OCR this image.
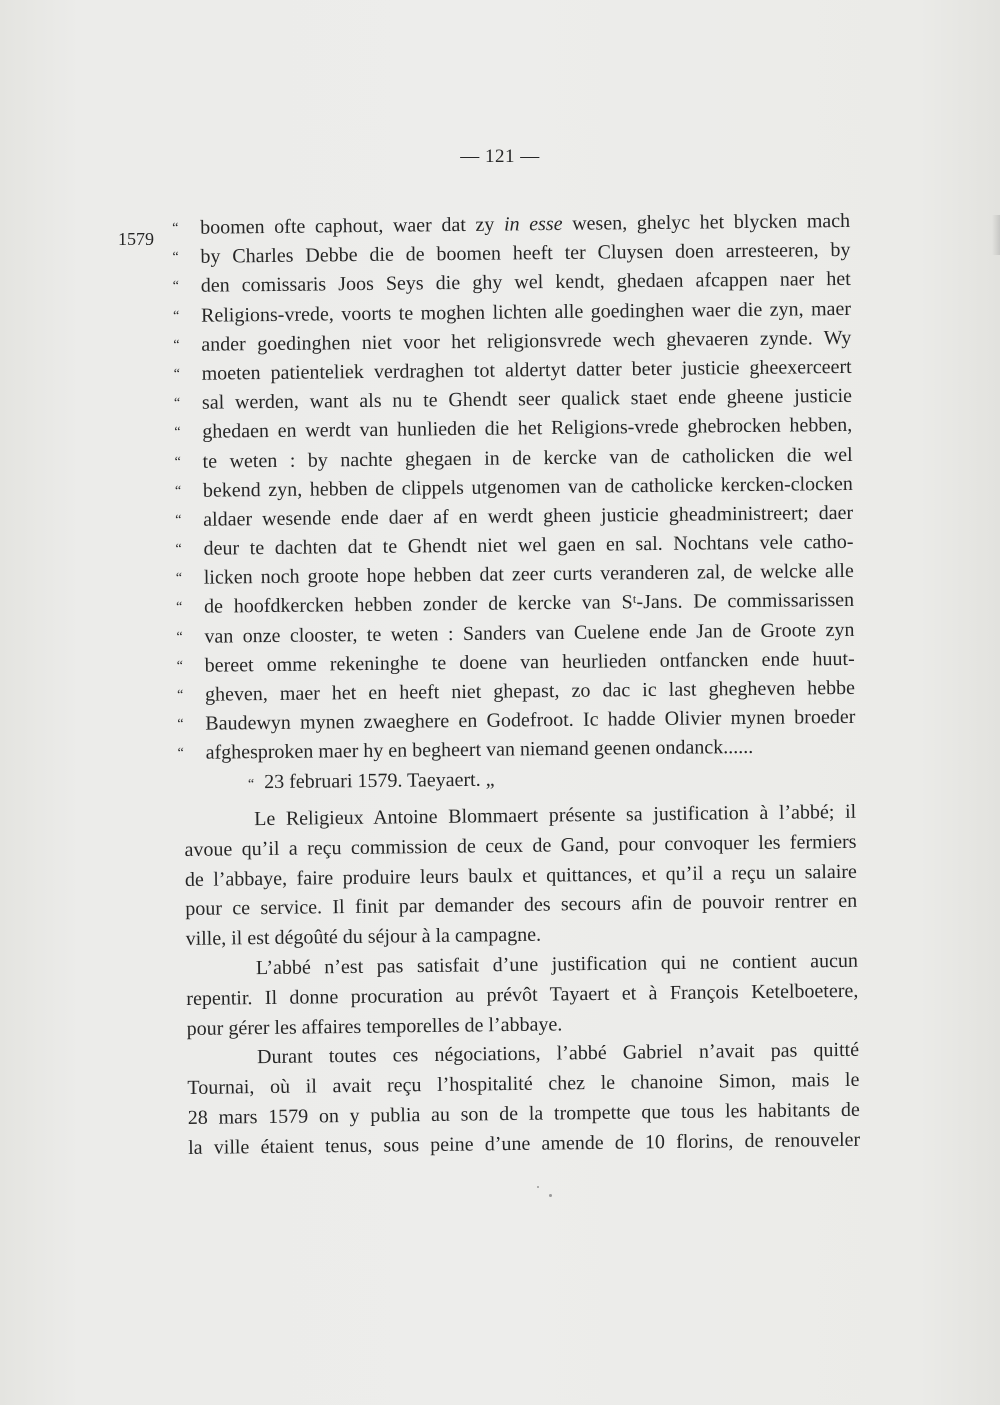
— 121 —
1579
“ boomen ofte caphout, waer dat zy in esse wesen, ghelyc het blycken mach
“ by Charles Debbe die de boomen heeft ter Cluysen doen arresteeren, by
“ den comissaris Joos Seys die ghy wel kendt, ghedaen afcappen naer het
“ Religions-vrede, voorts te moghen lichten alle goedinghen waer die zyn, maer
“ ander goedinghen niet voor het religionsvrede wech ghevaeren zynde. Wy
“ moeten patienteliek verdraghen tot aldertyt datter beter justicie gheexerceert
“ sal werden, want als nu te Ghendt seer qualick staet ende gheene justicie
“ ghedaen en werdt van hunlieden die het Religions-vrede ghebrocken hebben,
“ te weten : by nachte ghegaen in de kercke van de catholicken die wel
“ bekend zyn, hebben de clippels utgenomen van de catholicke kercken-clocken
“ aldaer wesende ende daer af en werdt gheen justicie gheadministreert; daer
“ deur te dachten dat te Ghendt niet wel gaen en sal. Nochtans vele catho-
“ licken noch groote hope hebben dat zeer curts veranderen zal, de welcke alle
“ de hoofdkercken hebben zonder de kercke van Sᵗ-Jans. De commissarissen
“ van onze clooster, te weten : Sanders van Cuelene ende Jan de Groote zyn
“ bereet omme rekeninghe te doene van heurlieden ontfancken ende huut-
“ gheven, maer het en heeft niet ghepast, zo dac ic last ghegheven hebbe
“ Baudewyn mynen zwaeghere en Godefroot. Ic hadde Olivier mynen broeder
“ afghesproken maer hy en begheert van niemand geenen ondanck......
“ 23 februari 1579. Taeyaert. „
Le Religieux Antoine Blommaert présente sa justification à l’abbé; il
avoue qu’il a reçu commission de ceux de Gand, pour convoquer les fermiers
de l’abbaye, faire produire leurs baulx et quittances, et qu’il a reçu un salaire
pour ce service. Il finit par demander des secours afin de pouvoir rentrer en
ville, il est dégoûté du séjour à la campagne.
L’abbé n’est pas satisfait d’une justification qui ne contient aucun
repentir. Il donne procuration au prévôt Tayaert et à François Ketelboetere,
pour gérer les affaires temporelles de l’abbaye.
Durant toutes ces négociations, l’abbé Gabriel n’avait pas quitté
Tournai, où il avait reçu l’hospitalité chez le chanoine Simon, mais le
28 mars 1579 on y publia au son de la trompette que tous les habitants de
la ville étaient tenus, sous peine d’une amende de 10 florins, de renouveler
